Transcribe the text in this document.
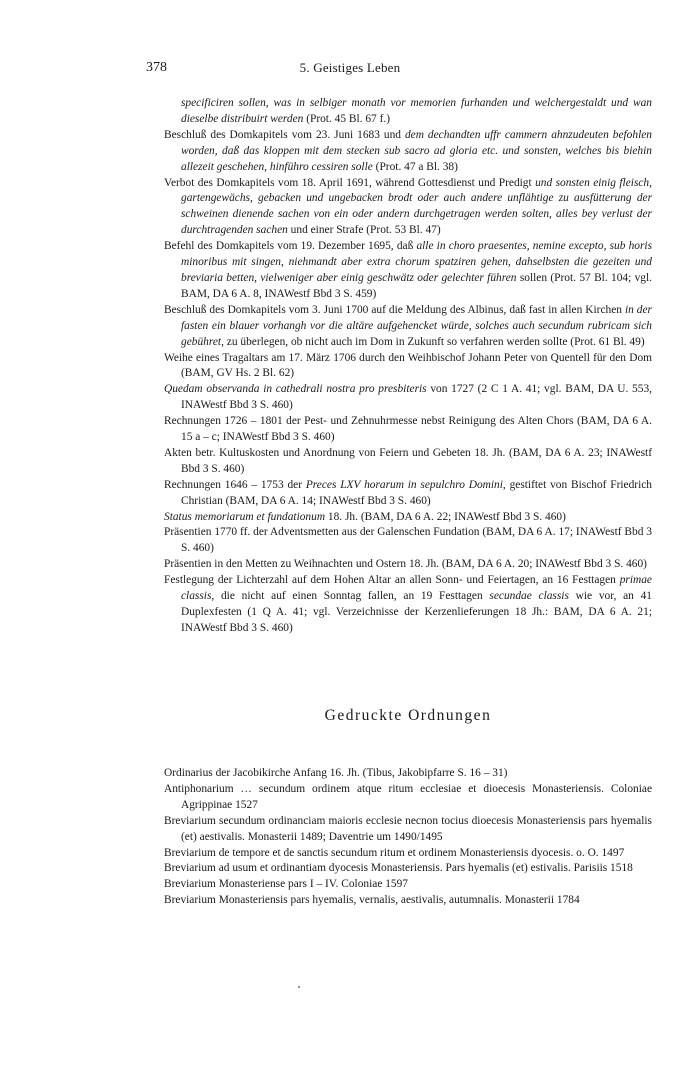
378	5. Geistiges Leben

specificiren sollen, was in selbiger monath vor memorien furhanden und welchergestaldt und wan dieselbe distribuirt werden (Prot. 45 Bl. 67 f.)

Beschluß des Domkapitels vom 23. Juni 1683 und dem dechandten uffr cammern ahnzudeuten befohlen worden, daß das kloppen mit dem stecken sub sacro ad gloria etc. und sonsten, welches bis biehin allezeit geschehen, hinführo cessiren solle (Prot. 47 a Bl. 38)

Verbot des Domkapitels vom 18. April 1691, während Gottesdienst und Predigt und sonsten einig fleisch, gartengewächs, gebacken und ungebacken brodt oder auch andere unflähtige zu ausfütterung der schweinen dienende sachen von ein oder andern durchgetragen werden solten, alles bey verlust der durchtragenden sachen und einer Strafe (Prot. 53 Bl. 47)

Befehl des Domkapitels vom 19. Dezember 1695, daß alle in choro praesentes, nemine excepto, sub horis minoribus mit singen, niehmandt aber extra chorum spatziren gehen, dahselbsten die gezeiten und breviaria betten, vielweniger aber einig geschwätz oder gelechter führen sollen (Prot. 57 Bl. 104; vgl. BAM, DA 6 A. 8, INAWestf Bbd 3 S. 459)

Beschluß des Domkapitels vom 3. Juni 1700 auf die Meldung des Albinus, daß fast in allen Kirchen in der fasten ein blauer vorhangh vor die altäre aufgehencket würde, solches auch secundum rubricam sich gebühret, zu überlegen, ob nicht auch im Dom in Zukunft so verfahren werden sollte (Prot. 61 Bl. 49)

Weihe eines Tragaltars am 17. März 1706 durch den Weihbischof Johann Peter von Quentell für den Dom (BAM, GV Hs. 2 Bl. 62)

Quedam observanda in cathedrali nostra pro presbiteris von 1727 (2 C 1 A. 41; vgl. BAM, DA U. 553, INAWestf Bbd 3 S. 460)

Rechnungen 1726 – 1801 der Pest- und Zehnuhrmesse nebst Reinigung des Alten Chors (BAM, DA 6 A. 15 a – c; INAWestf Bbd 3 S. 460)

Akten betr. Kultuskosten und Anordnung von Feiern und Gebeten 18. Jh. (BAM, DA 6 A. 23; INAWestf Bbd 3 S. 460)

Rechnungen 1646 – 1753 der Preces LXV horarum in sepulchro Domini, gestiftet von Bischof Friedrich Christian (BAM, DA 6 A. 14; INAWestf Bbd 3 S. 460)

Status memoriarum et fundationum 18. Jh. (BAM, DA 6 A. 22; INAWestf Bbd 3 S. 460)

Präsentien 1770 ff. der Adventsmetten aus der Galenschen Fundation (BAM, DA 6 A. 17; INAWestf Bbd 3 S. 460)

Präsentien in den Metten zu Weihnachten und Ostern 18. Jh. (BAM, DA 6 A. 20; INAWestf Bbd 3 S. 460)

Festlegung der Lichterzahl auf dem Hohen Altar an allen Sonn- und Feiertagen, an 16 Festtagen primae classis, die nicht auf einen Sonntag fallen, an 19 Festtagen secundae classis wie vor, an 41 Duplexfesten (1 Q A. 41; vgl. Verzeichnisse der Kerzenlieferungen 18 Jh.: BAM, DA 6 A. 21; INAWestf Bbd 3 S. 460)

Gedruckte Ordnungen

Ordinarius der Jacobikirche Anfang 16. Jh. (Tibus, Jakobipfarre S. 16 – 31)

Antiphonarium … secundum ordinem atque ritum ecclesiae et dioecesis Monasteriensis. Coloniae Agrippinae 1527

Breviarium secundum ordinanciam maioris ecclesie necnon tocius dioecesis Monasteriensis pars hyemalis (et) aestivalis. Monasterii 1489; Daventrie um 1490/1495

Breviarium de tempore et de sanctis secundum ritum et ordinem Monasteriensis dyocesis. o. O. 1497

Breviarium ad usum et ordinantiam dyocesis Monasteriensis. Pars hyemalis (et) estivalis. Parisiis 1518

Breviarium Monasteriense pars I – IV. Coloniae 1597

Breviarium Monasteriensis pars hyemalis, vernalis, aestivalis, autumnalis. Monasterii 1784
